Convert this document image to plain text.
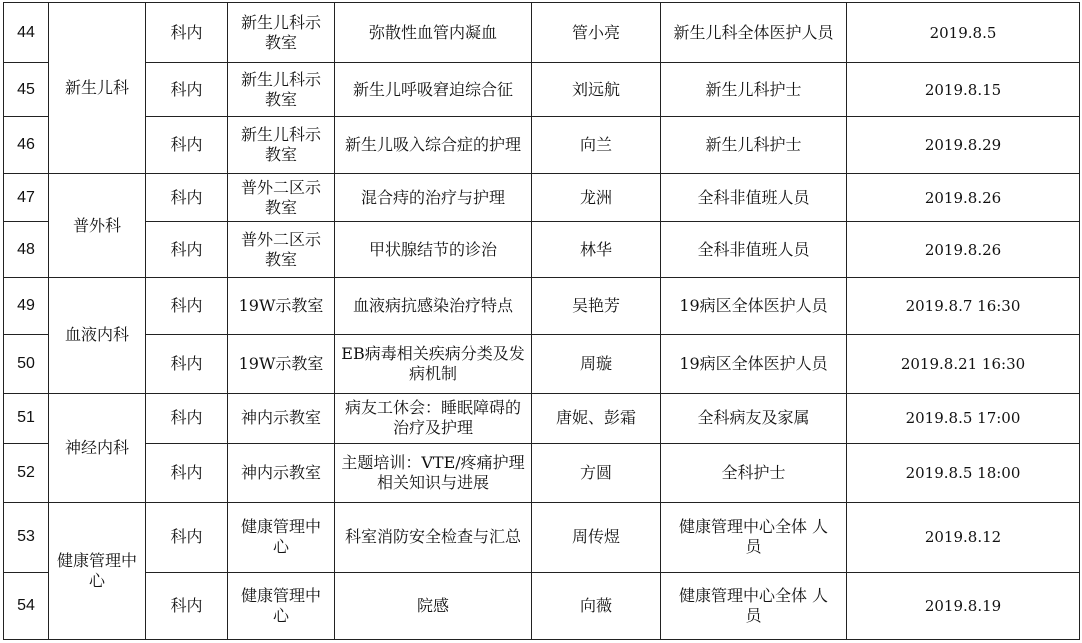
44	新生儿科	科内	新生儿科示
教室	弥散性血管内凝血	管小亮	新生儿科全体医护人员	2019.8.5
45		科内	新生儿科示
教室	新生儿呼吸窘迫综合征	刘远航	新生儿科护士	2019.8.15
46		科内	新生儿科示
教室	新生儿吸入综合症的护理	向兰	新生儿科护士	2019.8.29
47	普外科	科内	普外二区示
教室	混合痔的治疗与护理	龙洲	全科非值班人员	2019.8.26
48		科内	普外二区示
教室	甲状腺结节的诊治	林华	全科非值班人员	2019.8.26
49	血液内科	科内	19W示教室	血液病抗感染治疗特点	吴艳芳	19病区全体医护人员	2019.8.7 16:30
50		科内	19W示教室	EB病毒相关疾病分类及发
病机制	周璇	19病区全体医护人员	2019.8.21 16:30
51	神经内科	科内	神内示教室	病友工休会：睡眠障碍的
治疗及护理	唐妮、彭霜	全科病友及家属	2019.8.5 17:00
52		科内	神内示教室	主题培训：VTE/疼痛护理
相关知识与进展	方圆	全科护士	2019.8.5 18:00
53	健康管理中
心	科内	健康管理中
心	科室消防安全检查与汇总	周传煜	健康管理中心全体 人
员	2019.8.12
54		科内	健康管理中
心	院感	向薇	健康管理中心全体 人
员	2019.8.19
